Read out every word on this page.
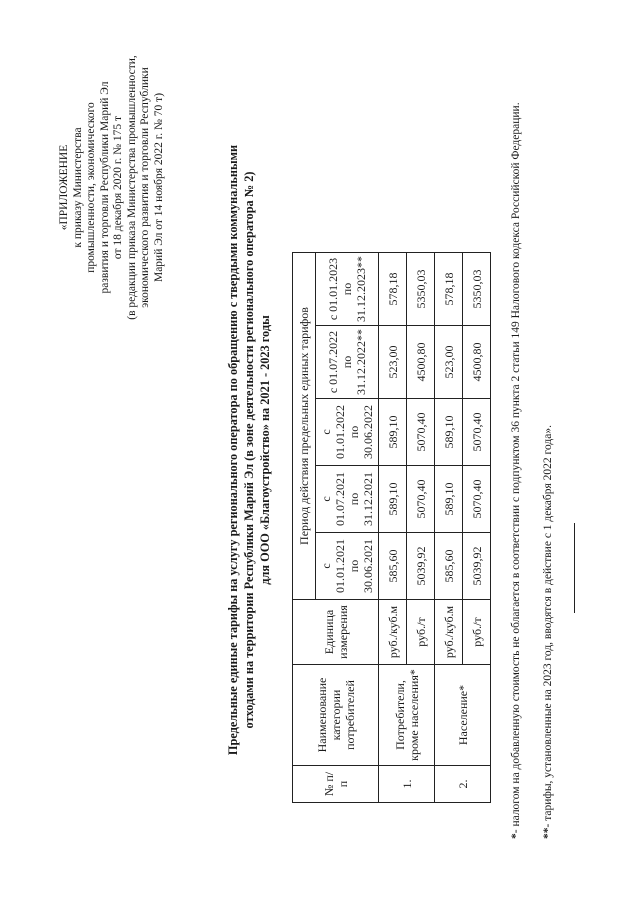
«ПРИЛОЖЕНИЕ к приказу Министерства промышленности, экономического развития и торговли Республики Марий Эл от 18 декабря 2020 г. № 175 т (в редакции приказа Министерства промышленности, экономического развития и торговли Республики Марий Эл от 14 ноября 2022 г. № 70 т)	Предельные единые тарифы на услугу регионального оператора по обращению с твердыми коммунальными отходами на территории Республики Марий Эл (в зоне деятельности регионального оператора № 2) для ООО «Благоустройство» на 2021 - 2023 годы
№ п/п	Наименование категории потребителей	Единица измерения	Период действия предельных единых тарифов				
			с 01.01.2021 по 30.06.2021	с 01.07.2021 по 31.12.2021	с 01.01.2022 по 30.06.2022	с 01.07.2022 по 31.12.2022**	с 01.01.2023 по 31.12.2023**
1.	Потребители, кроме населения*	руб./куб.м	585,60	589,10	589,10	523,00	578,18
		руб./т	5039,92	5070,40	5070,40	4500,80	5350,03
2.	Население*	руб./куб.м	585,60	589,10	589,10	523,00	578,18
		руб./т	5039,92	5070,40	5070,40	4500,80	5350,03
*- налогом на добавленную стоимость не облагается в соответствии с подпунктом 36 пункта 2 статьи 149 Налогового кодекса Российской Федерации. **- тарифы, установленные на 2023 год, вводятся в действие с 1 декабря 2022 года».
